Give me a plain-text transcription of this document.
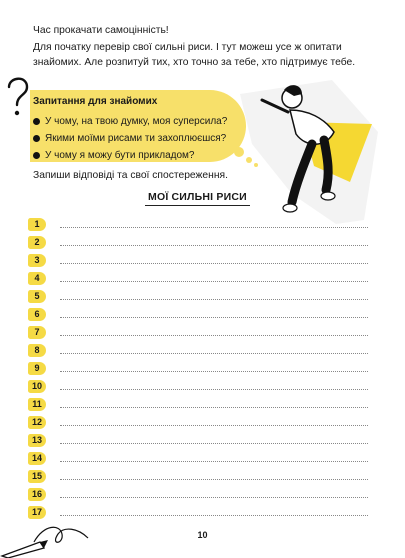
Час прокачати самоцінність!

Для початку перевір свої сильні риси. І тут можеш усе ж опитати знайомих. Але розпитуй тих, хто точно за тебе, хто підтримує тебе.

Запитання для знайомих
У чому, на твою думку, моя суперсила?
Якими моїми рисами ти захоплюєшся?
У чому я можу бути прикладом?
Запиши відповіді та свої спостереження.
МОЇ СИЛЬНІ РИСИ
1
2
3
4
5
6
7
8
9
10
11
12
13
14
15
16
17
10
